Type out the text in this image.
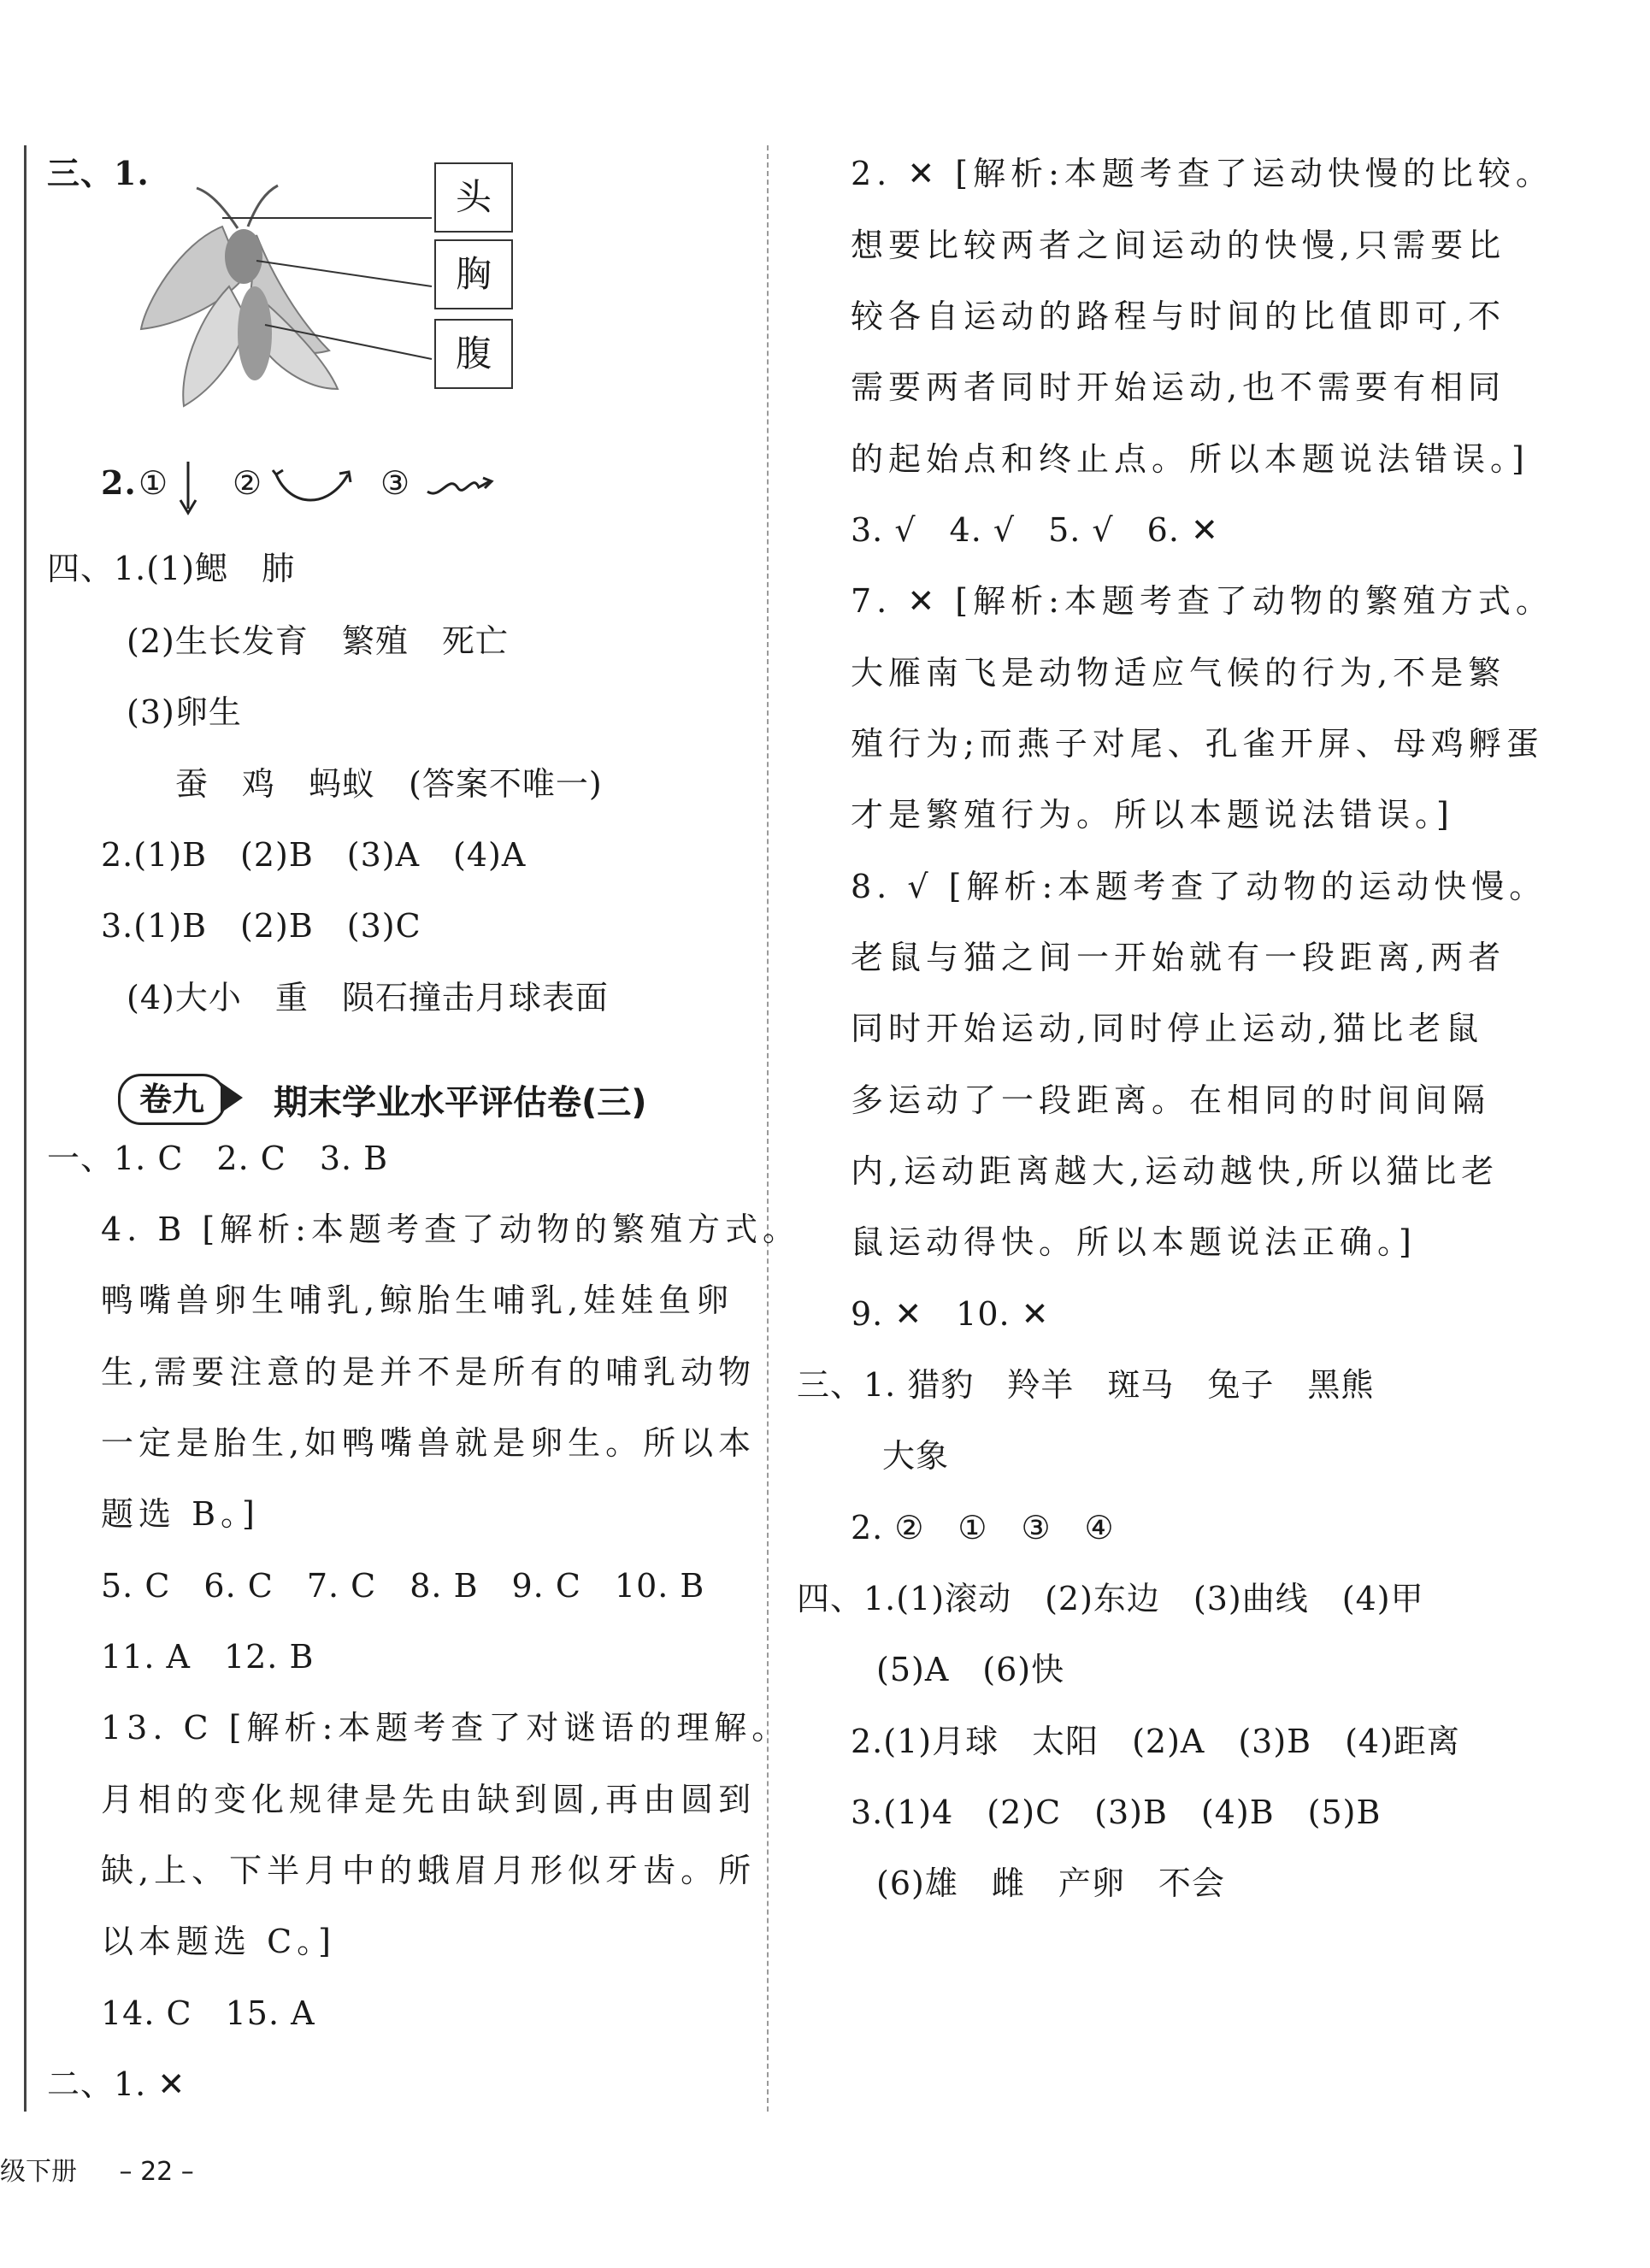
三、1.
头
胸
腹
2. ① ②	③
四、1.(1)鳃　肺
(2)生长发育　繁殖　死亡
(3)卵生
蚕　鸡　蚂蚁　(答案不唯一)
2.(1)B　(2)B　(3)A　(4)A
3.(1)B　(2)B　(3)C
(4)大小　重　陨石撞击月球表面
卷九	期末学业水平评估卷(三)
一、1. C　2. C　3. B
4. B [解析:本题考查了动物的繁殖方式。
鸭嘴兽卵生哺乳,鲸胎生哺乳,娃娃鱼卵
生,需要注意的是并不是所有的哺乳动物
一定是胎生,如鸭嘴兽就是卵生。所以本
题选 B。]
5. C　6. C　7. C　8. B　9. C　10. B
11. A　12. B
13. C [解析:本题考查了对谜语的理解。
月相的变化规律是先由缺到圆,再由圆到
缺,上、下半月中的蛾眉月形似牙齿。所
以本题选 C。]
14. C　15. A
二、1. ✕
2. ✕ [解析:本题考查了运动快慢的比较。
想要比较两者之间运动的快慢,只需要比
较各自运动的路程与时间的比值即可,不
需要两者同时开始运动,也不需要有相同
的起始点和终止点。所以本题说法错误。]
3. √　4. √　5. √　6. ✕
7. ✕ [解析:本题考查了动物的繁殖方式。
大雁南飞是动物适应气候的行为,不是繁
殖行为;而燕子对尾、孔雀开屏、母鸡孵蛋
才是繁殖行为。所以本题说法错误。]
8. √ [解析:本题考查了动物的运动快慢。
老鼠与猫之间一开始就有一段距离,两者
同时开始运动,同时停止运动,猫比老鼠
多运动了一段距离。在相同的时间间隔
内,运动距离越大,运动越快,所以猫比老
鼠运动得快。所以本题说法正确。]
9. ✕　10. ✕
三、1. 猎豹　羚羊　斑马　兔子　黑熊
大象
2. ②　①　③　④
四、1.(1)滚动　(2)东边　(3)曲线　(4)甲
(5)A　(6)快
2.(1)月球　太阳　(2)A　(3)B　(4)距离
3.(1)4　(2)C　(3)B　(4)B　(5)B
(6)雄　雌　产卵　不会
级下册 – 22 –
